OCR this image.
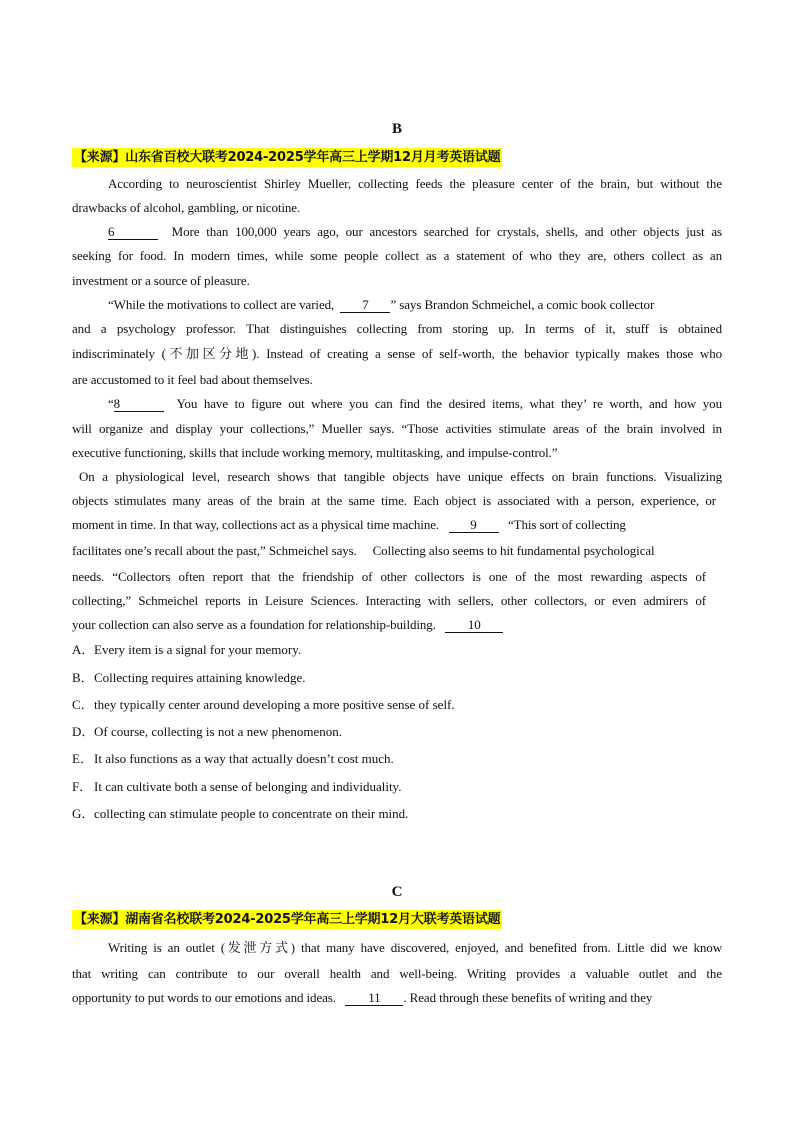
B
【来源】山东省百校大联考2024-2025学年高三上学期12月月考英语试题
According to neuroscientist Shirley Mueller, collecting feeds the pleasure center of the brain, but without the
drawbacks of alcohol, gambling, or nicotine.
6	More than 100,000 years ago, our ancestors searched for crystals, shells, and other objects just as
seeking for food. In modern times, while some people collect as a statement of who they are, others collect as an
investment or a source of pleasure.
“While the motivations to collect are varied, 7 ” says Brandon Schmeichel, a comic book collector
and a psychology professor. That distinguishes collecting from storing up. In terms of it, stuff is obtained
indiscriminately (不加区分地). Instead of creating a sense of self-worth, the behavior typically makes those who
are accustomed to it feel bad about themselves.
“8	You have to figure out where you can find the desired items, what they’ re worth, and how you
will organize and display your collections,” Mueller says. “Those activities stimulate areas of the brain involved in
executive functioning, skills that include working memory, multitasking, and impulse-control.”
On a physiological level, research shows that tangible objects have unique effects on brain functions. Visualizing
objects stimulates many areas of the brain at the same time. Each object is associated with a person, experience, or
moment in time. In that way, collections act as a physical time machine. 9 “This sort of collecting
facilitates one’s recall about the past,” Schmeichel says. Collecting also seems to hit fundamental psychological
needs. “Collectors often report that the friendship of other collectors is one of the most rewarding aspects of
collecting,” Schmeichel reports in Leisure Sciences. Interacting with sellers, other collectors, or even admirers of
your collection can also serve as a foundation for relationship-building. 10
A．Every item is a signal for your memory.
B．Collecting requires attaining knowledge.
C．they typically center around developing a more positive sense of self.
D．Of course, collecting is not a new phenomenon.
E．It also functions as a way that actually doesn’t cost much.
F． It can cultivate both a sense of belonging and individuality.
G．collecting can stimulate people to concentrate on their mind.
C
【来源】湖南省名校联考2024-2025学年高三上学期12月大联考英语试题
Writing is an outlet (发泄方式) that many have discovered, enjoyed, and benefited from. Little did we know
that writing can contribute to our overall health and well-being. Writing provides a valuable outlet and the
opportunity to put words to our emotions and ideas. 11 . Read through these benefits of writing and they
